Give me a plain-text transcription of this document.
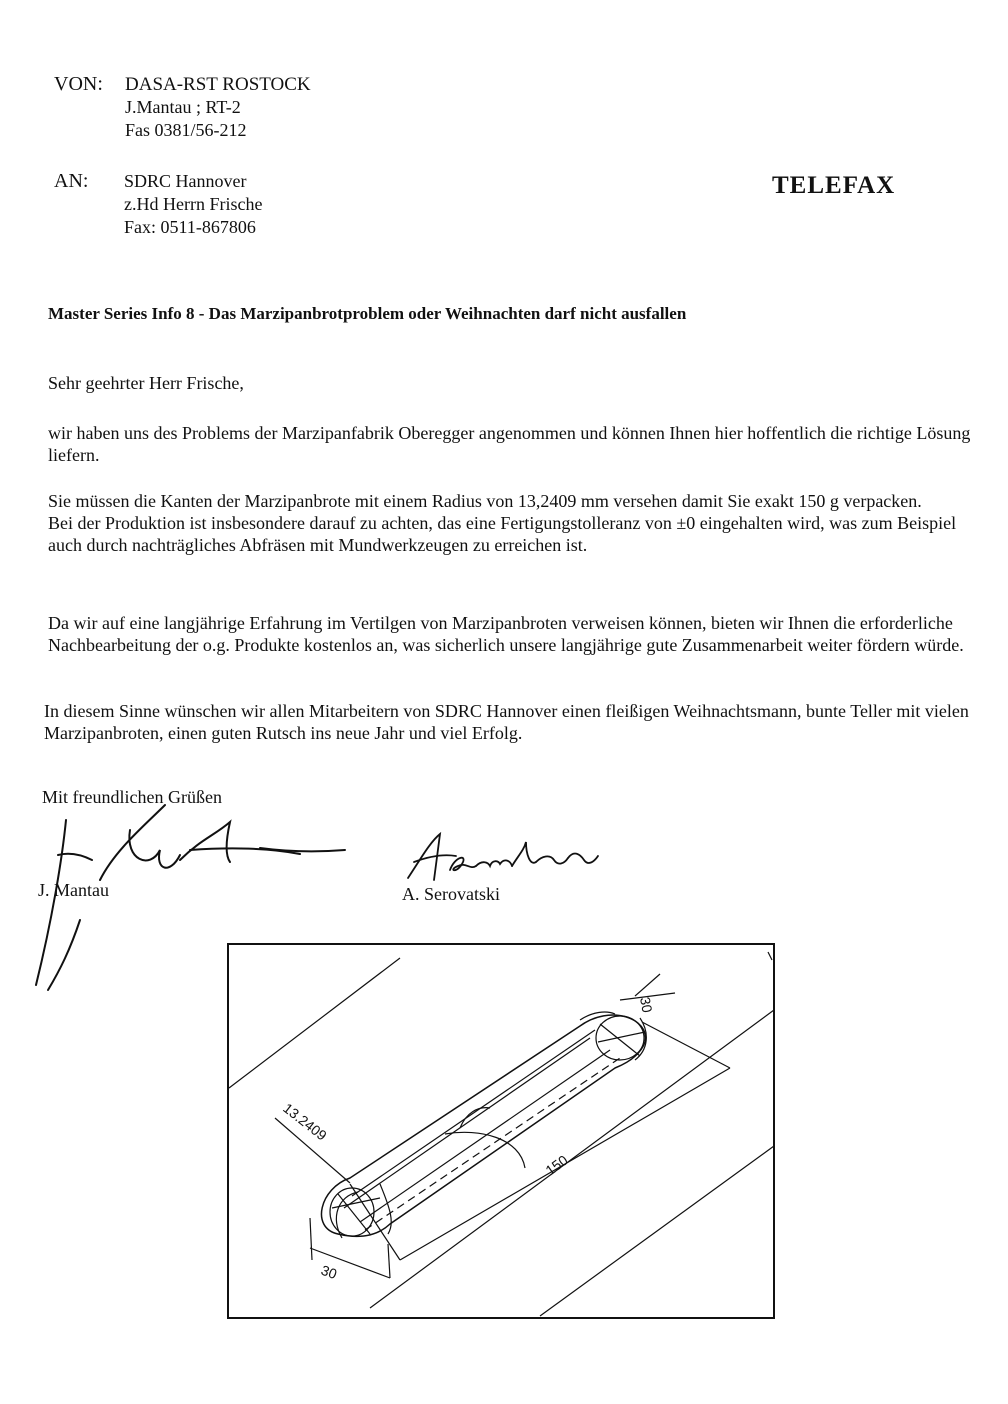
VON: DASA-RST ROSTOCK
J.Mantau ; RT-2
Fas 0381/56-212
AN: SDRC Hannover
z.Hd Herrn Frische
Fax: 0511-867806
TELEFAX
Master Series Info 8 - Das Marzipanbrotproblem oder Weihnachten darf nicht ausfallen
Sehr geehrter Herr Frische,

wir haben uns des Problems der Marzipanfabrik Oberegger angenommen und können Ihnen hier hoffentlich die richtige Lösung liefern.

Sie müssen die Kanten der Marzipanbrote mit einem Radius von 13,2409 mm versehen damit Sie exakt 150 g verpacken.

Bei der Produktion ist insbesondere darauf zu achten, das eine Fertigungstolleranz von ±0 eingehalten wird, was zum Beispiel auch durch nachträgliches Abfräsen mit Mundwerkzeugen zu erreichen ist.

Da wir auf eine langjährige Erfahrung im Vertilgen von Marzipanbroten verweisen können, bieten wir Ihnen die erforderliche Nachbearbeitung der o.g. Produkte kostenlos an, was sicherlich unsere langjährige gute Zusammenarbeit weiter fördern würde.

In diesem Sinne wünschen wir allen Mitarbeitern von SDRC Hannover einen fleißigen Weihnachtsmann, bunte Teller mit vielen Marzipanbroten, einen guten Rutsch ins neue Jahr und viel Erfolg.

Mit freundlichen Grüßen
J. Mantau	A. Serovatski
13.2409
150
30
30
